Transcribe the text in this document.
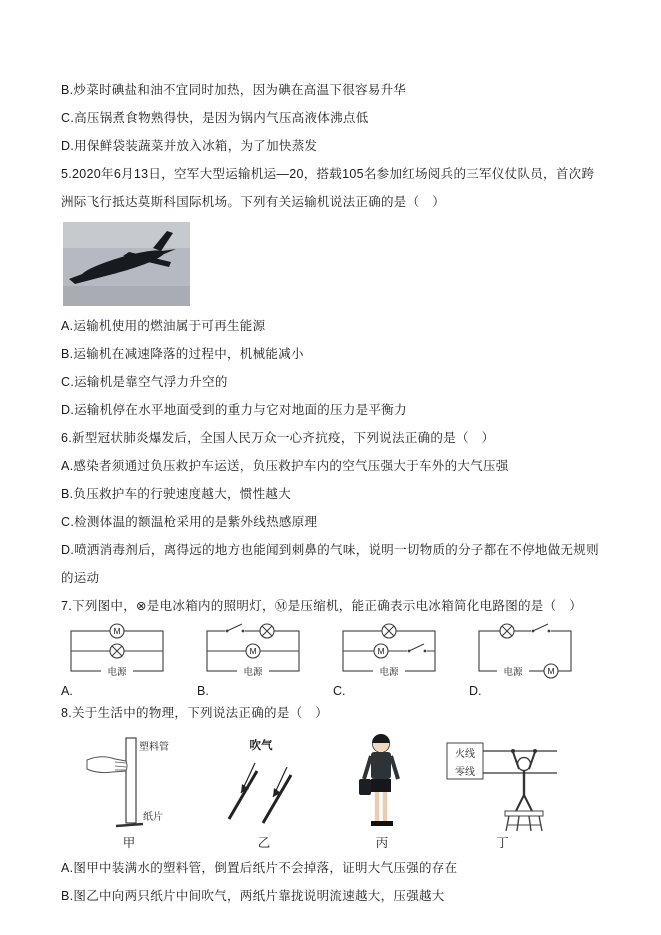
B.炒菜时碘盐和油不宜同时加热，因为碘在高温下很容易升华

C.高压锅煮食物熟得快，是因为锅内气压高液体沸点低

D.用保鲜袋装蔬菜并放入冰箱，为了加快蒸发

5.2020年6月13日，空军大型运输机运—20，搭载105名参加红场阅兵的三军仪仗队员，首次跨洲际飞行抵达莫斯科国际机场。下列有关运输机说法正确的是（　）

A.运输机使用的燃油属于可再生能源

B.运输机在减速降落的过程中，机械能减小

C.运输机是靠空气浮力升空的

D.运输机停在水平地面受到的重力与它对地面的压力是平衡力

6.新型冠状肺炎爆发后，全国人民万众一心齐抗疫，下列说法正确的是（　）

A.感染者须通过负压救护车运送，负压救护车内的空气压强大于车外的大气压强

B.负压救护车的行驶速度越大，惯性越大

C.检测体温的额温枪采用的是紫外线热感原理

D.喷洒消毒剂后，离得远的地方也能闻到刺鼻的气味，说明一切物质的分子都在不停地做无规则的运动

7.下列图中，⊗是电冰箱内的照明灯，Ⓜ是压缩机，能正确表示电冰箱简化电路图的是（　）

M
电源

A.

M
电源

B.

M
电源

C.

电源	M

D.

8.关于生活中的物理，下列说法正确的是（　）

塑料管
纸片

甲

吹气

乙	丙

火线
零线

丁

A.图甲中装满水的塑料管，倒置后纸片不会掉落，证明大气压强的存在

B.图乙中向两只纸片中间吹气，两纸片靠拢说明流速越大，压强越大
